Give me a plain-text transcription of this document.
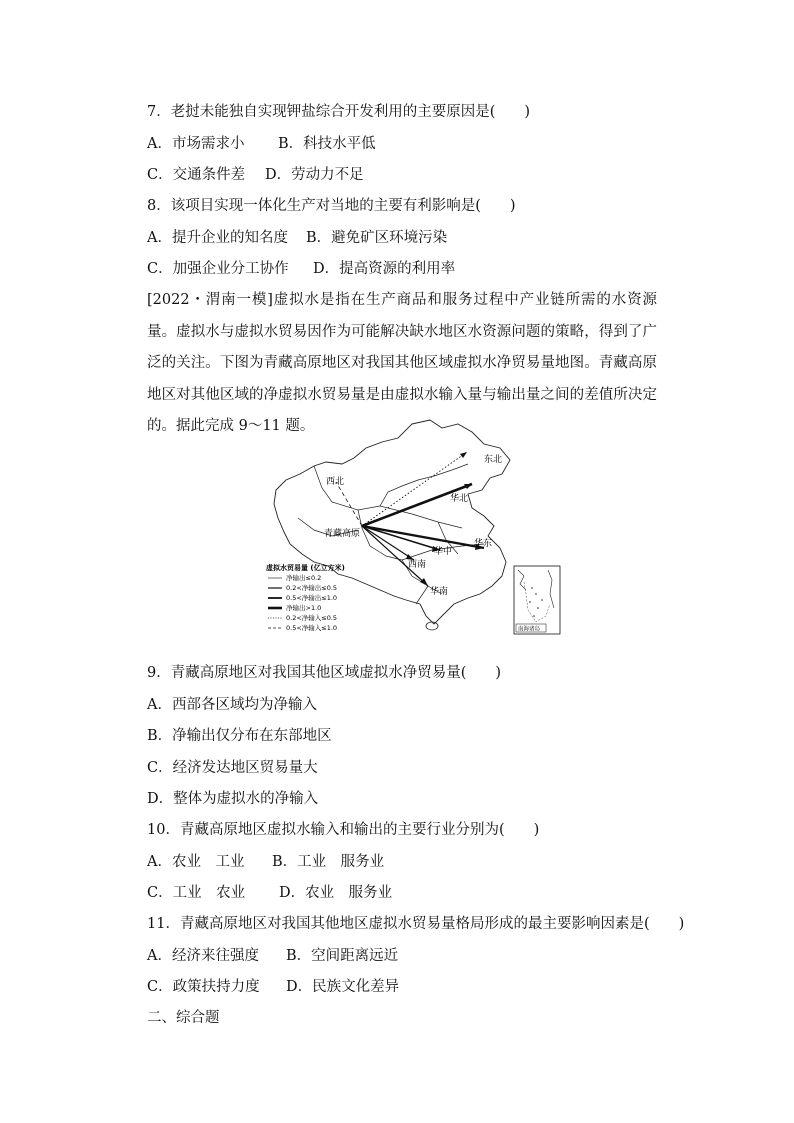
7．老挝未能独自实现钾盐综合开发利用的主要原因是(　　)
A．市场需求小 B．科技水平低
C．交通条件差 D．劳动力不足
8．该项目实现一体化生产对当地的主要有利影响是(　　)
A．提升企业的知名度 B．避免矿区环境污染
C．加强企业分工协作 D．提高资源的利用率
[2022・渭南一模]虚拟水是指在生产商品和服务过程中产业链所需的水资源量。虚拟水与虚拟水贸易因作为可能解决缺水地区水资源问题的策略，得到了广泛的关注。下图为青藏高原地区对我国其他区域虚拟水净贸易量地图。青藏高原地区对其他区域的净虚拟水贸易量是由虚拟水输入量与输出量之间的差值所决定的。据此完成 9～11 题。
东北
西北
华北
青藏高原
华中
华东
西南
华南
虚拟水贸易量 (亿立方米)
净输出≤0.2
0.2<净输出≤0.5
0.5<净输出≤1.0
净输出>1.0
0.2<净输入≤0.5
0.5<净输入≤1.0	南海诸岛
9．青藏高原地区对我国其他区域虚拟水净贸易量(　　)
A．西部各区域均为净输入
B．净输出仅分布在东部地区
C．经济发达地区贸易量大
D．整体为虚拟水的净输入
10．青藏高原地区虚拟水输入和输出的主要行业分别为(　　)
A．农业　工业 B．工业　服务业
C．工业　农业 D．农业　服务业
11．青藏高原地区对我国其他地区虚拟水贸易量格局形成的最主要影响因素是(　　)
A．经济来往强度 B．空间距离远近
C．政策扶持力度 D．民族文化差异
二、综合题
